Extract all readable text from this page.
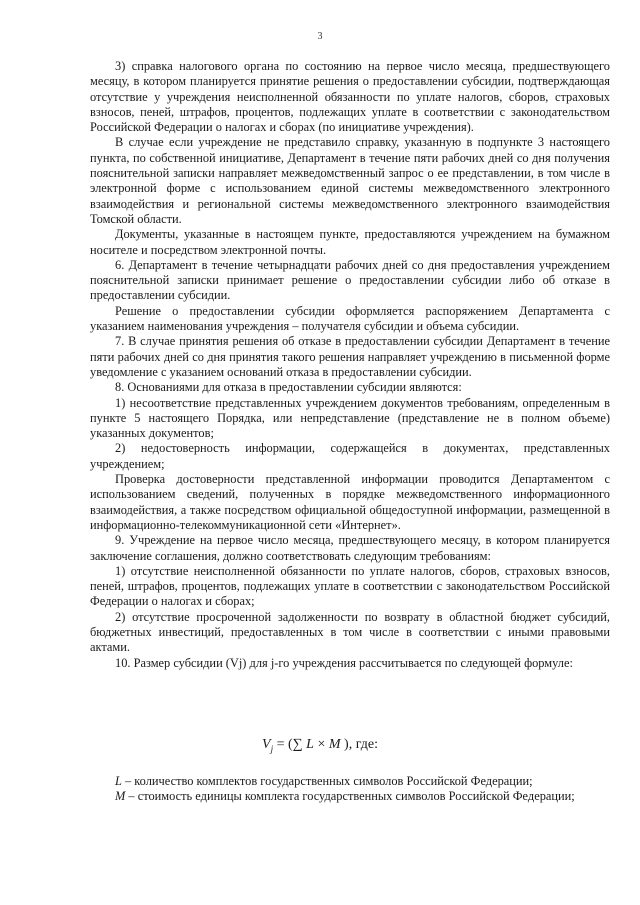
3

3) справка налогового органа по состоянию на первое число месяца, предшествующего месяцу, в котором планируется принятие решения о предоставлении субсидии, подтверждающая отсутствие у учреждения неисполненной обязанности по уплате налогов, сборов, страховых взносов, пеней, штрафов, процентов, подлежащих уплате в соответствии с законодательством Российской Федерации о налогах и сборах (по инициативе учреждения).

В случае если учреждение не представило справку, указанную в подпункте 3 настоящего пункта, по собственной инициативе, Департамент в течение пяти рабочих дней со дня получения пояснительной записки направляет межведомственный запрос о ее представлении, в том числе в электронной форме с использованием единой системы межведомственного электронного взаимодействия и региональной системы межведомственного электронного взаимодействия Томской области.

Документы, указанные в настоящем пункте, предоставляются учреждением на бумажном носителе и посредством электронной почты.

6. Департамент в течение четырнадцати рабочих дней со дня предоставления учреждением пояснительной записки принимает решение о предоставлении субсидии либо об отказе в предоставлении субсидии.

Решение о предоставлении субсидии оформляется распоряжением Департамента с указанием наименования учреждения – получателя субсидии и объема субсидии.

7. В случае принятия решения об отказе в предоставлении субсидии Департамент в течение пяти рабочих дней со дня принятия такого решения направляет учреждению в письменной форме уведомление с указанием оснований отказа в предоставлении субсидии.

8. Основаниями для отказа в предоставлении субсидии являются:

1) несоответствие представленных учреждением документов требованиям, определенным в пункте 5 настоящего Порядка, или непредставление (представление не в полном объеме) указанных документов;

2) недостоверность информации, содержащейся в документах, представленных учреждением;

Проверка достоверности представленной информации проводится Департаментом с использованием сведений, полученных в порядке межведомственного информационного взаимодействия, а также посредством официальной общедоступной информации, размещенной в информационно-телекоммуникационной сети «Интернет».

9. Учреждение на первое число месяца, предшествующего месяцу, в котором планируется заключение соглашения, должно соответствовать следующим требованиям:

1) отсутствие неисполненной обязанности по уплате налогов, сборов, страховых взносов, пеней, штрафов, процентов, подлежащих уплате в соответствии с законодательством Российской Федерации о налогах и сборах;

2) отсутствие просроченной задолженности по возврату в областной бюджет субсидий, бюджетных инвестиций, предоставленных в том числе в соответствии с иными правовыми актами.

10. Размер субсидии (Vj) для j-го учреждения рассчитывается по следующей формуле:

$V_j$ = (∑ L × M ), где:

L – количество комплектов государственных символов Российской Федерации;

M – стоимость единицы комплекта государственных символов Российской Федерации;
